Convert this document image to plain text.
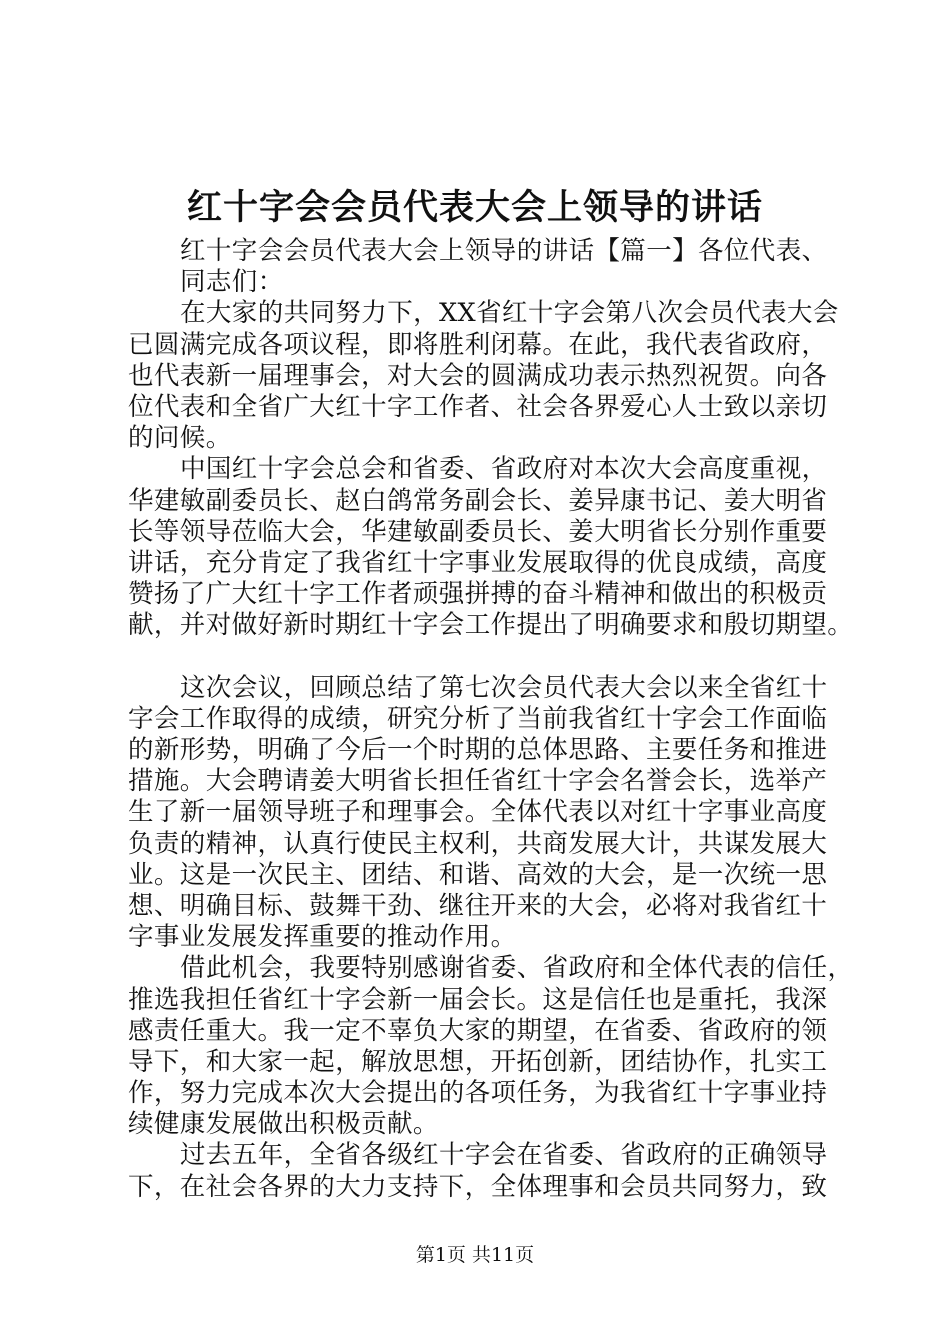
红十字会会员代表大会上领导的讲话
红十字会会员代表大会上领导的讲话【篇一】各位代表、
同志们：
在大家的共同努力下，XX省红十字会第八次会员代表大会
已圆满完成各项议程，即将胜利闭幕。在此，我代表省政府，
也代表新一届理事会，对大会的圆满成功表示热烈祝贺。向各
位代表和全省广大红十字工作者、社会各界爱心人士致以亲切
的问候。
中国红十字会总会和省委、省政府对本次大会高度重视，
华建敏副委员长、赵白鸽常务副会长、姜异康书记、姜大明省
长等领导莅临大会，华建敏副委员长、姜大明省长分别作重要
讲话，充分肯定了我省红十字事业发展取得的优良成绩，高度
赞扬了广大红十字工作者顽强拼搏的奋斗精神和做出的积极贡
献，并对做好新时期红十字会工作提出了明确要求和殷切期望。
这次会议，回顾总结了第七次会员代表大会以来全省红十
字会工作取得的成绩，研究分析了当前我省红十字会工作面临
的新形势，明确了今后一个时期的总体思路、主要任务和推进
措施。大会聘请姜大明省长担任省红十字会名誉会长，选举产
生了新一届领导班子和理事会。全体代表以对红十字事业高度
负责的精神，认真行使民主权利，共商发展大计，共谋发展大
业。这是一次民主、团结、和谐、高效的大会，是一次统一思
想、明确目标、鼓舞干劲、继往开来的大会，必将对我省红十
字事业发展发挥重要的推动作用。
借此机会，我要特别感谢省委、省政府和全体代表的信任，
推选我担任省红十字会新一届会长。这是信任也是重托，我深
感责任重大。我一定不辜负大家的期望，在省委、省政府的领
导下，和大家一起，解放思想，开拓创新，团结协作，扎实工
作，努力完成本次大会提出的各项任务，为我省红十字事业持
续健康发展做出积极贡献。
过去五年，全省各级红十字会在省委、省政府的正确领导
下，在社会各界的大力支持下，全体理事和会员共同努力，致
第1页 共11页
